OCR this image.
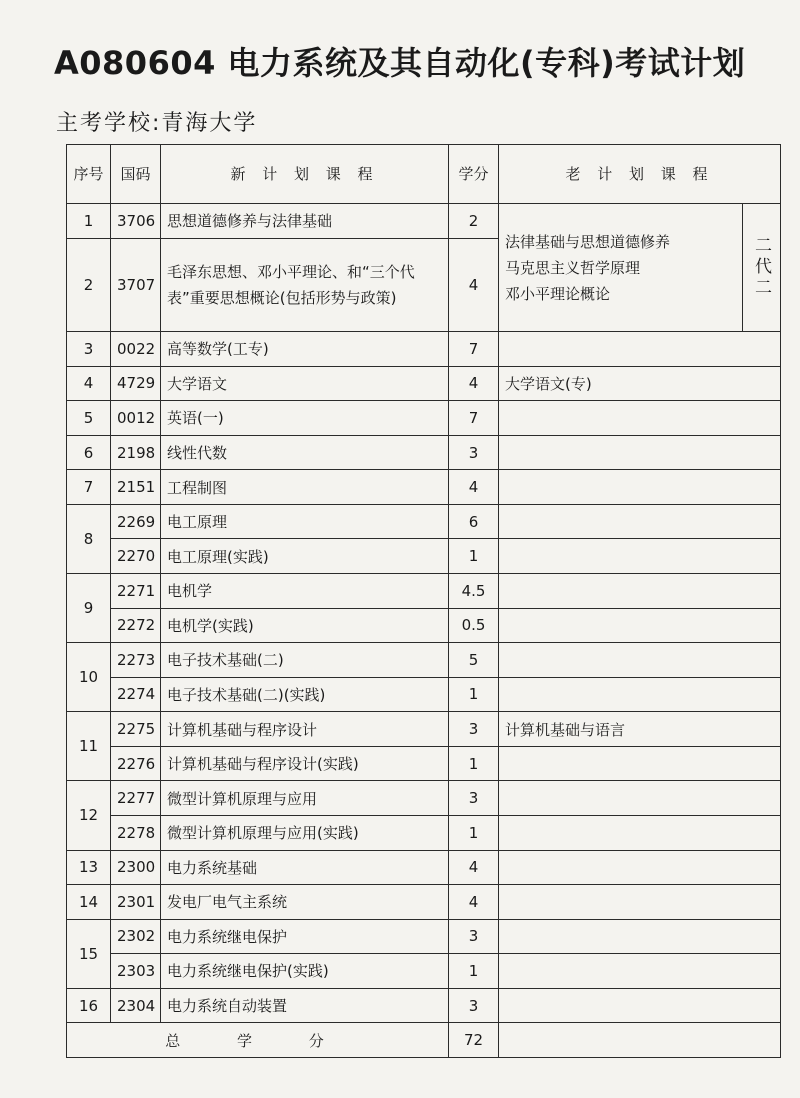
A080604 电力系统及其自动化(专科)考试计划
主考学校:青海大学
序号	国码	新 计 划 课 程	学分	老 计 划 课 程	
1	3706	思想道德修养与法律基础	2	法律基础与思想道德修养
马克思主义哲学原理
邓小平理论概论	二代二

2	3707	毛泽东思想、邓小平理论、和“三个代表”重要思想概论(包括形势与政策)	4		
3	0022	高等数学(工专)	7		
4	4729	大学语文	4	大学语文(专)	
5	0012	英语(一)	7		
6	2198	线性代数	3		
7	2151	工程制图	4		
8	2269	电工原理	6		
	2270	电工原理(实践)	1		
9	2271	电机学	4.5		
	2272	电机学(实践)	0.5		
10	2273	电子技术基础(二)	5		
	2274	电子技术基础(二)(实践)	1		
11	2275	计算机基础与程序设计	3	计算机基础与语言	
	2276	计算机基础与程序设计(实践)	1		
12	2277	微型计算机原理与应用	3		
	2278	微型计算机原理与应用(实践)	1		
13	2300	电力系统基础	4		
14	2301	发电厂电气主系统	4		
15	2302	电力系统继电保护	3		
	2303	电力系统继电保护(实践)	1		
16	2304	电力系统自动装置	3		
总 学 分			72		
